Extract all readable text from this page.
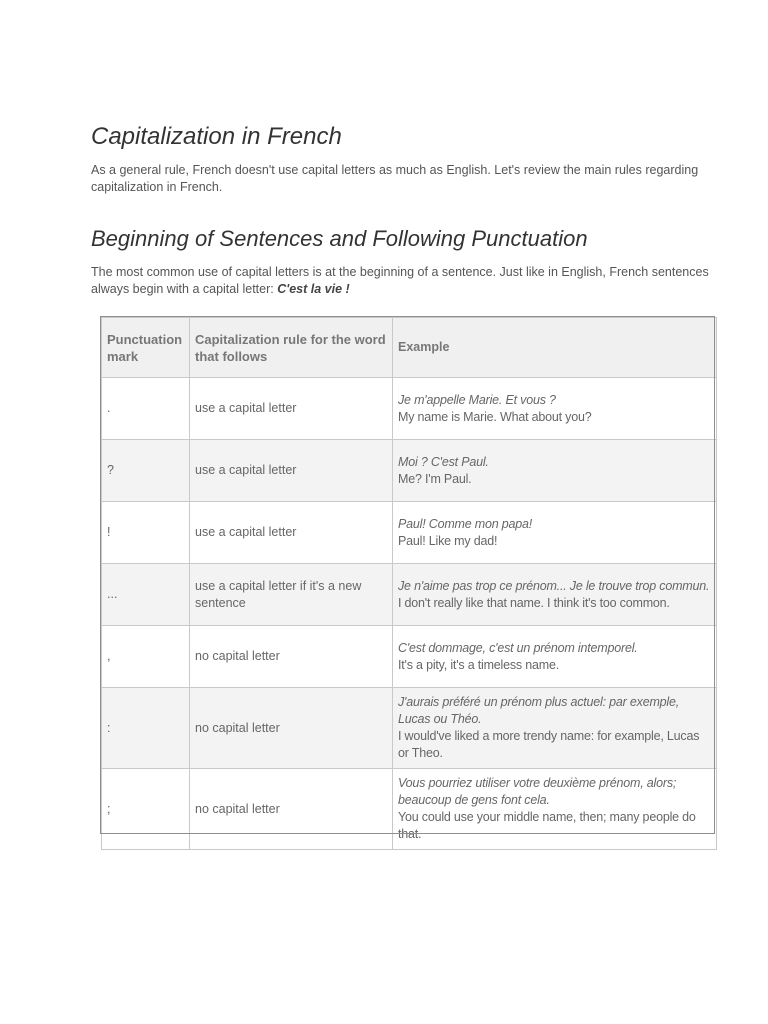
Capitalization in French

As a general rule, French doesn't use capital letters as much as English. Let's review the main rules regarding capitalization in French.

Beginning of Sentences and Following Punctuation

The most common use of capital letters is at the beginning of a sentence. Just like in English, French sentences always begin with a capital letter: C'est la vie !

Punctuation mark	Capitalization rule for the word that follows	Example
.	use a capital letter	Je m'appelle Marie. Et vous ?
My name is Marie. What about you?

?	use a capital letter	Moi ? C'est Paul.
Me? I'm Paul.

!	use a capital letter	Paul! Comme mon papa!
Paul! Like my dad!

...	use a capital letter if it's a new sentence	Je n'aime pas trop ce prénom... Je le trouve trop commun.
I don't really like that name. I think it's too common.

,	no capital letter	C'est dommage, c'est un prénom intemporel.
It's a pity, it's a timeless name.

:	no capital letter	J'aurais préféré un prénom plus actuel: par exemple, Lucas ou Théo.
I would've liked a more trendy name: for example, Lucas or Theo.

;	no capital letter	Vous pourriez utiliser votre deuxième prénom, alors; beaucoup de gens font cela.
You could use your middle name, then; many people do that.
